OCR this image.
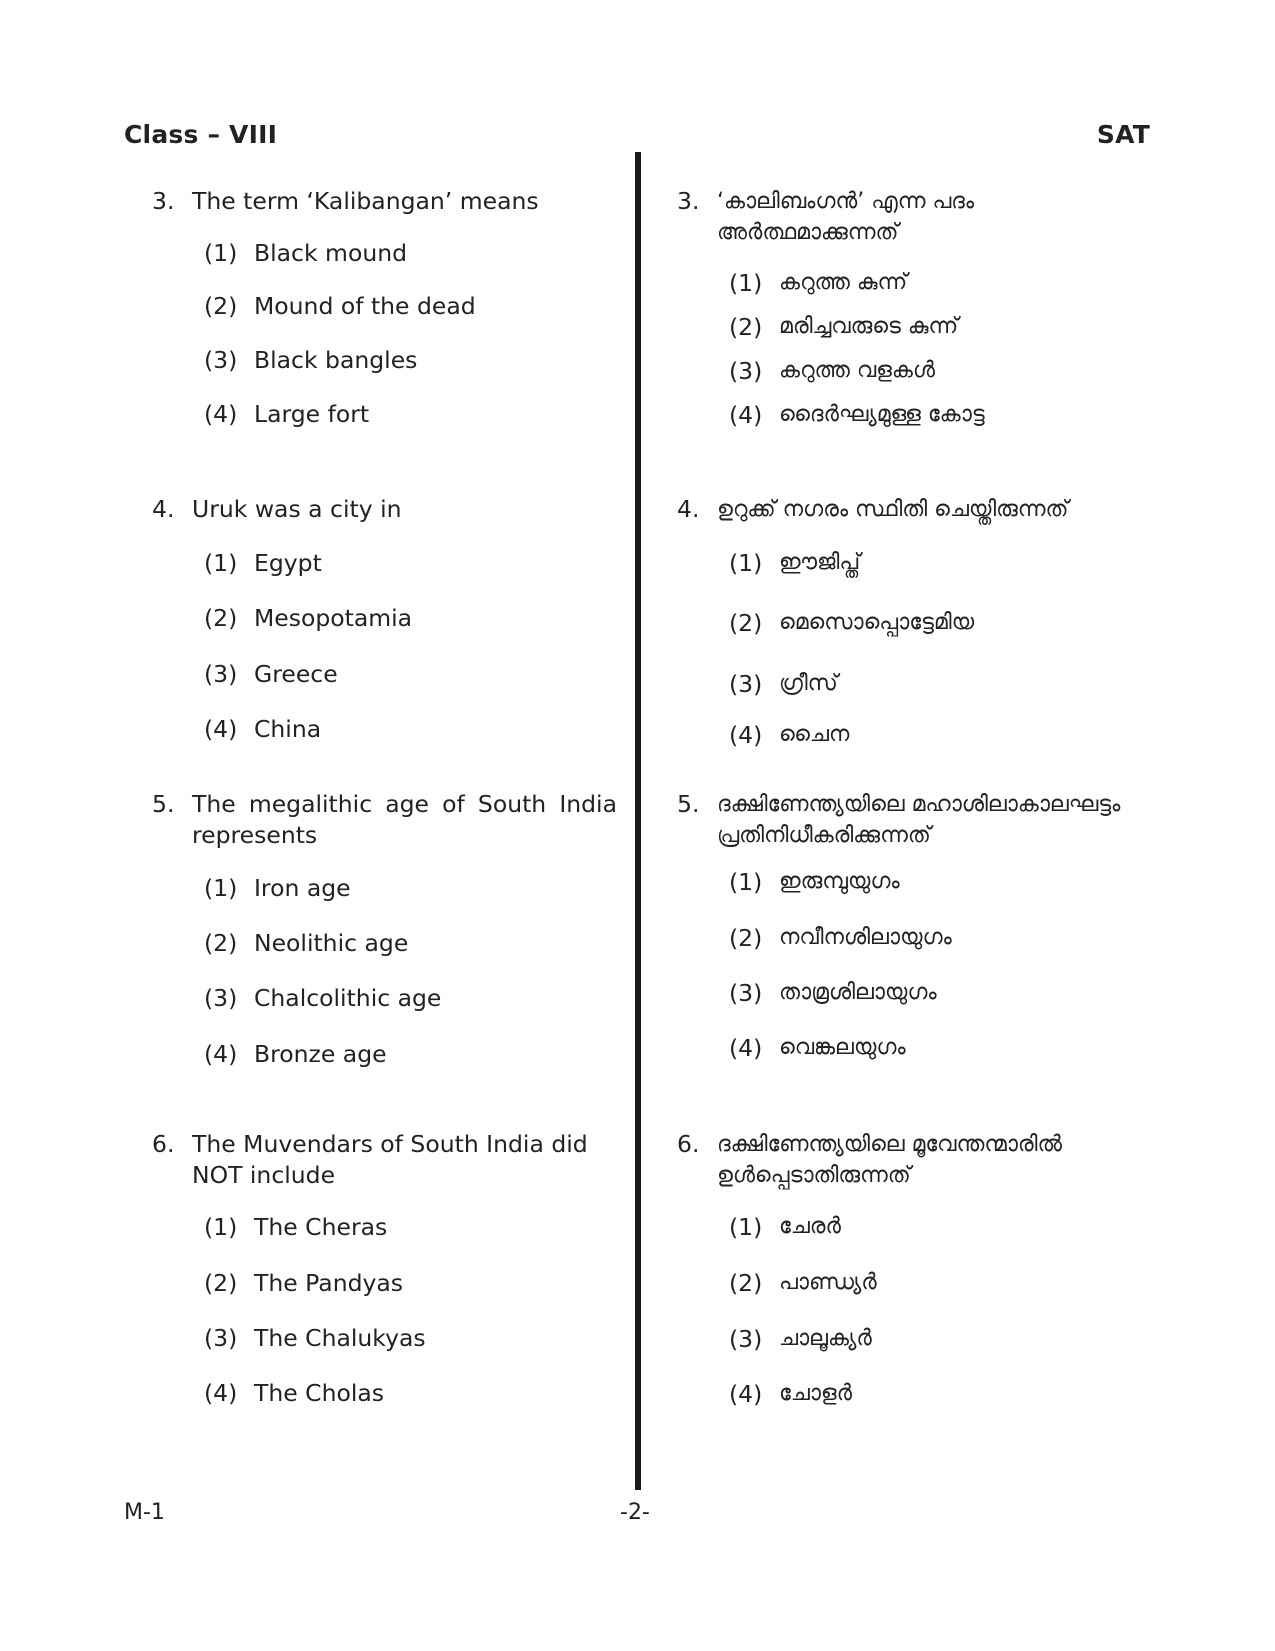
Class – VIII	SAT
3. The term ‘Kalibangan’ means
(1) Black mound
(2) Mound of the dead
(3) Black bangles
(4) Large fort
4. Uruk was a city in
(1) Egypt
(2) Mesopotamia
(3) Greece
(4) China
5. The megalithic age of South India represents
(1) Iron age
(2) Neolithic age
(3) Chalcolithic age
(4) Bronze age
6. The Muvendars of South India did NOT include
(1) The Cheras
(2) The Pandyas
(3) The Chalukyas
(4) The Cholas
3. ‘കാലിബംഗൻ’ എന്ന പദം അർത്ഥമാക്കുന്നത്
(1) കറുത്ത കുന്ന്
(2) മരിച്ചവരുടെ കുന്ന്
(3) കറുത്ത വളകൾ
(4) ദൈർഘ്യമുള്ള കോട്ട
4. ഉറുക്ക് നഗരം സ്ഥിതി ചെയ്തിരുന്നത്
(1) ഈജിപ്ത്
(2) മെസൊപ്പൊട്ടേമിയ
(3) ഗ്രീസ്
(4) ചൈന
5. ദക്ഷിണേന്ത്യയിലെ മഹാശിലാകാലഘട്ടം പ്രതിനിധീകരിക്കുന്നത്
(1) ഇരുമ്പുയുഗം
(2) നവീനശിലായുഗം
(3) താമ്രശിലായുഗം
(4) വെങ്കലയുഗം
6. ദക്ഷിണേന്ത്യയിലെ മൂവേന്തന്മാരിൽ ഉൾപ്പെടാതിരുന്നത്
(1) ചേരർ
(2) പാണ്ഡ്യർ
(3) ചാലൂക്യർ
(4) ചോളർ
M-1	-2-
